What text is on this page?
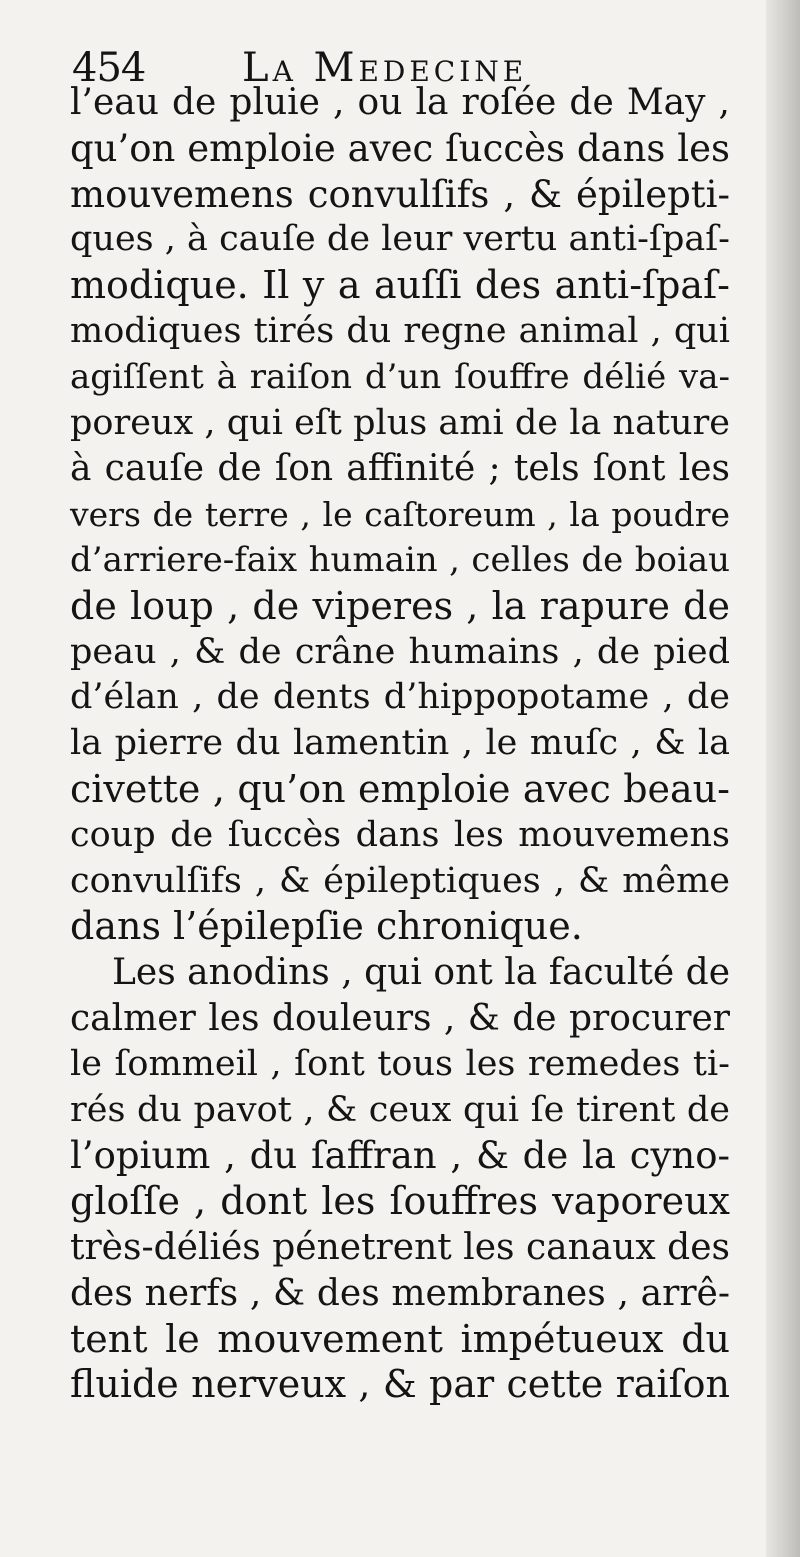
454 La Medecine
l’eau de pluie , ou la roſée de May ,
qu’on emploie avec ſuccès dans les
mouvemens convulſifs , & épilepti-
ques , à cauſe de leur vertu anti-ſpaſ-
modique. Il y a auſſi des anti-ſpaſ-
modiques tirés du regne animal , qui
agiſſent à raiſon d’un ſouffre délié va-
poreux , qui eſt plus ami de la nature
à cauſe de ſon affinité ; tels ſont les
vers de terre , le caſtoreum , la poudre
d’arriere-faix humain , celles de boiau
de loup , de viperes , la rapure de
peau , & de crâne humains , de pied
d’élan , de dents d’hippopotame , de
la pierre du lamentin , le muſc , & la
civette , qu’on emploie avec beau-
coup de ſuccès dans les mouvemens
convulſifs , & épileptiques , & même
dans l’épilepſie chronique.
Les anodins , qui ont la faculté de
calmer les douleurs , & de procurer
le ſommeil , ſont tous les remedes ti-
rés du pavot , & ceux qui ſe tirent de
l’opium , du ſaffran , & de la cyno-
gloſſe , dont les ſouffres vaporeux
très-déliés pénetrent les canaux des
des nerfs , & des membranes , arrê-
tent le mouvement impétueux du
fluide nerveux , & par cette raiſon
